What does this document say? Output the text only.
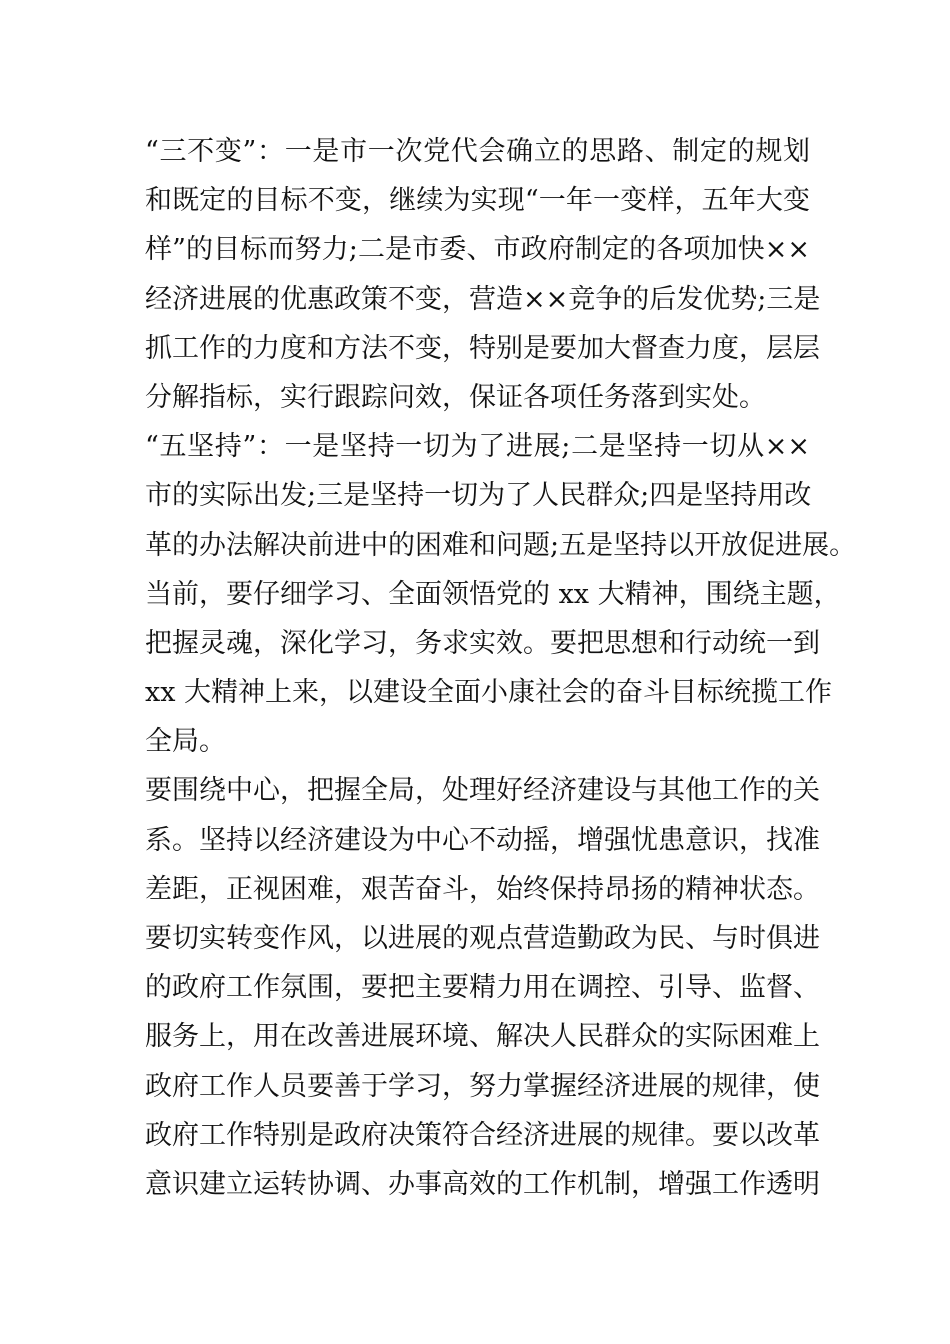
“三不变”：一是市一次党代会确立的思路、制定的规划
和既定的目标不变，继续为实现“一年一变样，五年大变
样”的目标而努力;二是市委、市政府制定的各项加快××
经济进展的优惠政策不变，营造××竞争的后发优势;三是
抓工作的力度和方法不变，特别是要加大督查力度，层层
分解指标，实行跟踪问效，保证各项任务落到实处。
“五坚持”：一是坚持一切为了进展;二是坚持一切从××
市的实际出发;三是坚持一切为了人民群众;四是坚持用改
革的办法解决前进中的困难和问题;五是坚持以开放促进展。
当前，要仔细学习、全面领悟党的 xx 大精神，围绕主题，
把握灵魂，深化学习，务求实效。要把思想和行动统一到
xx 大精神上来，以建设全面小康社会的奋斗目标统揽工作
全局。
要围绕中心，把握全局，处理好经济建设与其他工作的关
系。坚持以经济建设为中心不动摇，增强忧患意识，找准
差距，正视困难，艰苦奋斗，始终保持昂扬的精神状态。
要切实转变作风，以进展的观点营造勤政为民、与时俱进
的政府工作氛围，要把主要精力用在调控、引导、监督、
服务上，用在改善进展环境、解决人民群众的实际困难上
政府工作人员要善于学习，努力掌握经济进展的规律，使
政府工作特别是政府决策符合经济进展的规律。要以改革
意识建立运转协调、办事高效的工作机制，增强工作透明
